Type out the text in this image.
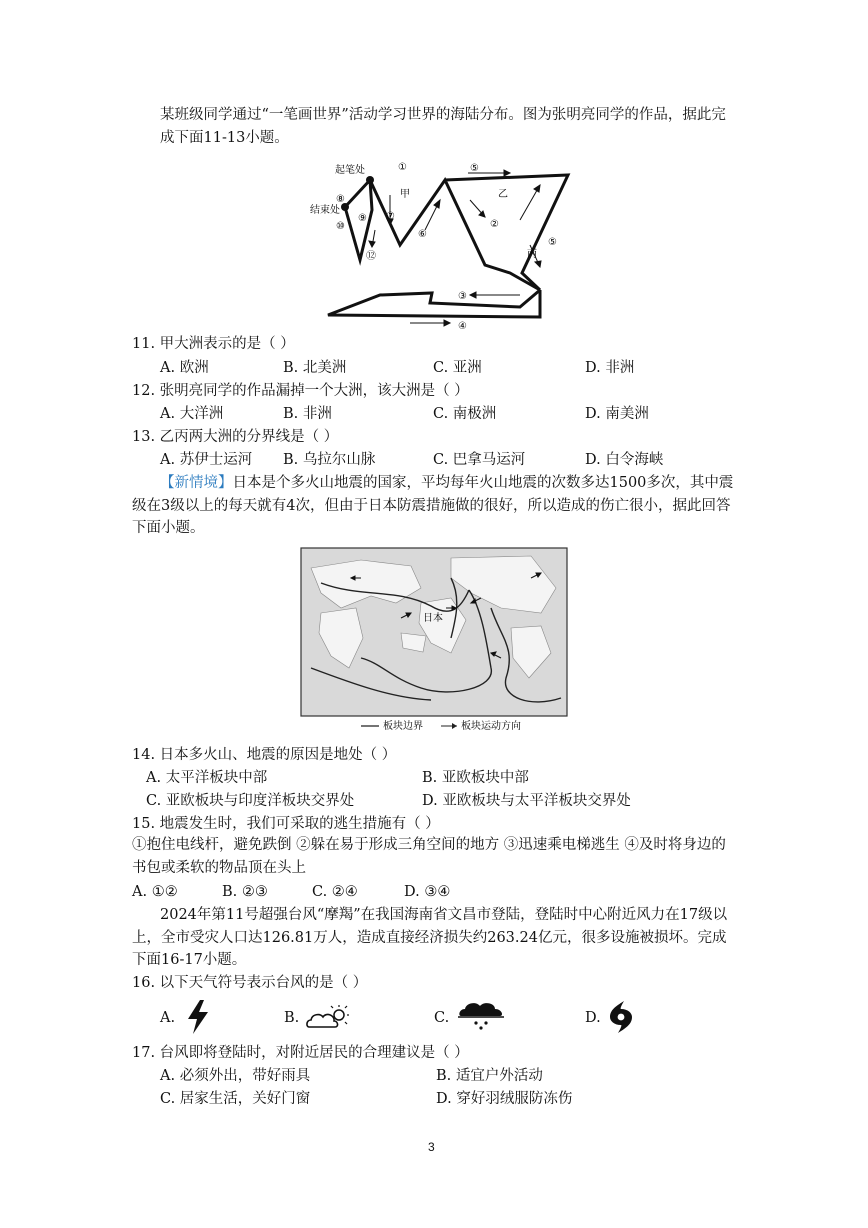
某班级同学通过“一笔画世界”活动学习世界的海陆分布。图为张明亮同学的作品，据此完成下面11-13小题。
起笔处
结束处
甲	乙
丙
①
②
③
④
⑤
⑤
⑥
⑦
⑧
⑨
⑩
⑫
11. 甲大洲表示的是（ ）
A. 欧洲	B. 北美洲	C. 亚洲	D. 非洲
12. 张明亮同学的作品漏掉一个大洲，该大洲是（ ）
A. 大洋洲	B. 非洲	C. 南极洲	D. 南美洲
13. 乙丙两大洲的分界线是（ ）
A. 苏伊士运河 B. 乌拉尔山脉	C. 巴拿马运河	D. 白令海峡
【新情境】日本是个多火山地震的国家，平均每年火山地震的次数多达1500多次，其中震级在3级以上的每天就有4次，但由于日本防震措施做的很好，所以造成的伤亡很小，据此回答下面小题。
日本
板块边界	板块运动方向
14. 日本多火山、地震的原因是地处（ ）
A. 太平洋板块中部	B. 亚欧板块中部
C. 亚欧板块与印度洋板块交界处	D. 亚欧板块与太平洋板块交界处
15. 地震发生时，我们可采取的逃生措施有（ ）
①抱住电线杆，避免跌倒 ②躲在易于形成三角空间的地方 ③迅速乘电梯逃生 ④及时将身边的书包或柔软的物品顶在头上
A. ①②	B. ②③	C. ②④	D. ③④
2024年第11号超强台风“摩羯”在我国海南省文昌市登陆，登陆时中心附近风力在17级以上，全市受灾人口达126.81万人，造成直接经济损失约263.24亿元，很多设施被损坏。完成下面16-17小题。
16. 以下天气符号表示台风的是（ ）
A.	B.	C.	D.
17. 台风即将登陆时，对附近居民的合理建议是（ ）
A. 必须外出，带好雨具	B. 适宜户外活动
C. 居家生活，关好门窗	D. 穿好羽绒服防冻伤
3
